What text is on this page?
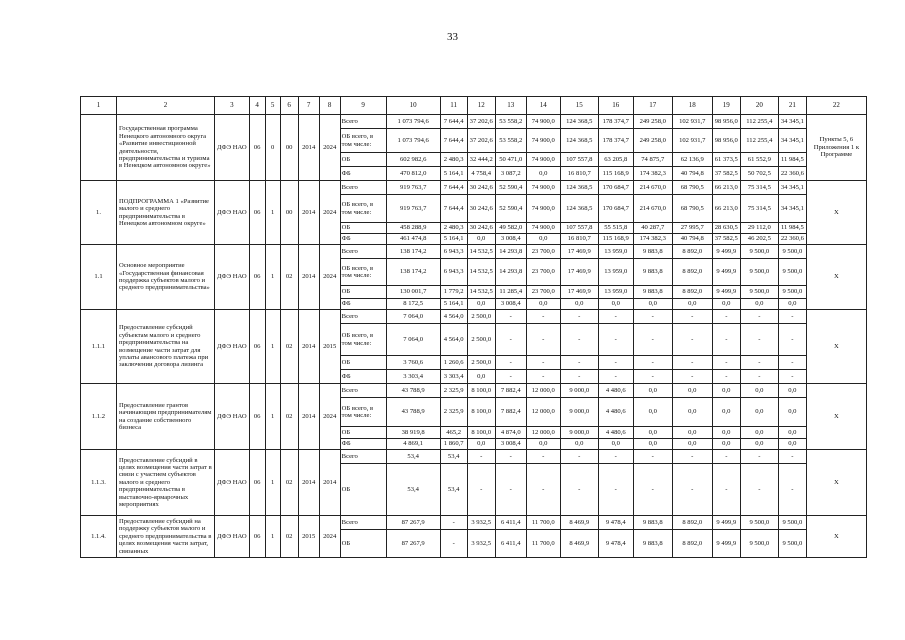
33
1	2	3	4	5	6	7	8	9	10	11	12	13	14	15	16	17	18	19	20	21	22
	Государственная программа Ненецкого автономного округа «Развитие инвестиционной деятельности, предпринимательства и туризма в Ненецком автономном округе»	ДФЭ НАО	06	0	00	2014	2024	Всего	1 073 794,6	7 644,4	37 202,6	53 558,2	74 900,0	124 368,5	178 374,7	249 258,0	102 931,7	98 956,0	112 255,4	34 345,1	Пункты 5, 6 Приложения 1 к Программе
								ОБ всего, в том числе:	1 073 794,6	7 644,4	37 202,6	53 558,2	74 900,0	124 368,5	178 374,7	249 258,0	102 931,7	98 956,0	112 255,4	34 345,1	
								ОБ	602 982,6	2 480,3	32 444,2	50 471,0	74 900,0	107 557,8	63 205,8	74 875,7	62 136,9	61 373,5	61 552,9	11 984,5	
								ФБ	470 812,0	5 164,1	4 758,4	3 087,2	0,0	16 810,7	115 168,9	174 382,3	40 794,8	37 582,5	50 702,5	22 360,6	
1.	ПОДПРОГРАММА 1 «Развитие малого и среднего предпринимательства в Ненецком автономном округе»	ДФЭ НАО	06	1	00	2014	2024	Всего	919 763,7	7 644,4	30 242,6	52 590,4	74 900,0	124 368,5	170 684,7	214 670,0	68 790,5	66 213,0	75 314,5	34 345,1	Х
								ОБ всего, в том числе:	919 763,7	7 644,4	30 242,6	52 590,4	74 900,0	124 368,5	170 684,7	214 670,0	68 790,5	66 213,0	75 314,5	34 345,1	
								ОБ	458 288,9	2 480,3	30 242,6	49 582,0	74 900,0	107 557,8	55 515,8	40 287,7	27 995,7	28 630,5	29 112,0	11 984,5	
								ФБ	461 474,8	5 164,1	0,0	3 008,4	0,0	16 810,7	115 168,9	174 382,3	40 794,8	37 582,5	46 202,5	22 360,6	
1.1	Основное мероприятие «Государственная финансовая поддержка субъектов малого и среднего предпринимательства»	ДФЭ НАО	06	1	02	2014	2024	Всего	138 174,2	6 943,3	14 532,5	14 293,8	23 700,0	17 469,9	13 959,0	9 883,8	8 892,0	9 499,9	9 500,0	9 500,0	Х
								ОБ всего, в том числе:	138 174,2	6 943,3	14 532,5	14 293,8	23 700,0	17 469,9	13 959,0	9 883,8	8 892,0	9 499,9	9 500,0	9 500,0	
								ОБ	130 001,7	1 779,2	14 532,5	11 285,4	23 700,0	17 469,9	13 959,0	9 883,8	8 892,0	9 499,9	9 500,0	9 500,0	
								ФБ	8 172,5	5 164,1	0,0	3 008,4	0,0	0,0	0,0	0,0	0,0	0,0	0,0	0,0	
1.1.1	Предоставление субсидий субъектам малого и среднего предпринимательства на возмещение части затрат для уплаты авансового платежа при заключении договора лизинга	ДФЭ НАО	06	1	02	2014	2015	Всего	7 064,0	4 564,0	2 500,0	-	-	-	-	-	-	-	-	-	Х
								ОБ всего, в том числе:	7 064,0	4 564,0	2 500,0	-	-	-	-	-	-	-	-	-	
								ОБ	3 760,6	1 260,6	2 500,0	-	-	-	-	-	-	-	-	-	
								ФБ	3 303,4	3 303,4	0,0	-	-	-	-	-	-	-	-	-	
1.1.2	Предоставление грантов начинающим предпринимателям на создание собственного бизнеса	ДФЭ НАО	06	1	02	2014	2024	Всего	43 788,9	2 325,9	8 100,0	7 882,4	12 000,0	9 000,0	4 480,6	0,0	0,0	0,0	0,0	0,0	Х
								ОБ всего, в том числе:	43 788,9	2 325,9	8 100,0	7 882,4	12 000,0	9 000,0	4 480,6	0,0	0,0	0,0	0,0	0,0	
								ОБ	38 919,8	465,2	8 100,0	4 874,0	12 000,0	9 000,0	4 480,6	0,0	0,0	0,0	0,0	0,0	
								ФБ	4 869,1	1 860,7	0,0	3 008,4	0,0	0,0	0,0	0,0	0,0	0,0	0,0	0,0	
1.1.3.	Предоставление субсидий в целях возмещения части затрат в связи с участием субъектов малого и среднего предпринимательства в выставочно-ярмарочных мероприятиях	ДФЭ НАО	06	1	02	2014	2014	Всего	53,4	53,4	-	-	-	-	-	-	-	-	-	-	Х
								ОБ	53,4	53,4	-	-	-	-	-	-	-	-	-	-	
1.1.4.	Предоставление субсидий на поддержку субъектов малого и среднего предпринимательства в целях возмещения части затрат, связанных	ДФЭ НАО	06	1	02	2015	2024	Всего	87 267,9	-	3 932,5	6 411,4	11 700,0	8 469,9	9 478,4	9 883,8	8 892,0	9 499,9	9 500,0	9 500,0	Х
								ОБ	87 267,9	-	3 932,5	6 411,4	11 700,0	8 469,9	9 478,4	9 883,8	8 892,0	9 499,9	9 500,0	9 500,0	
